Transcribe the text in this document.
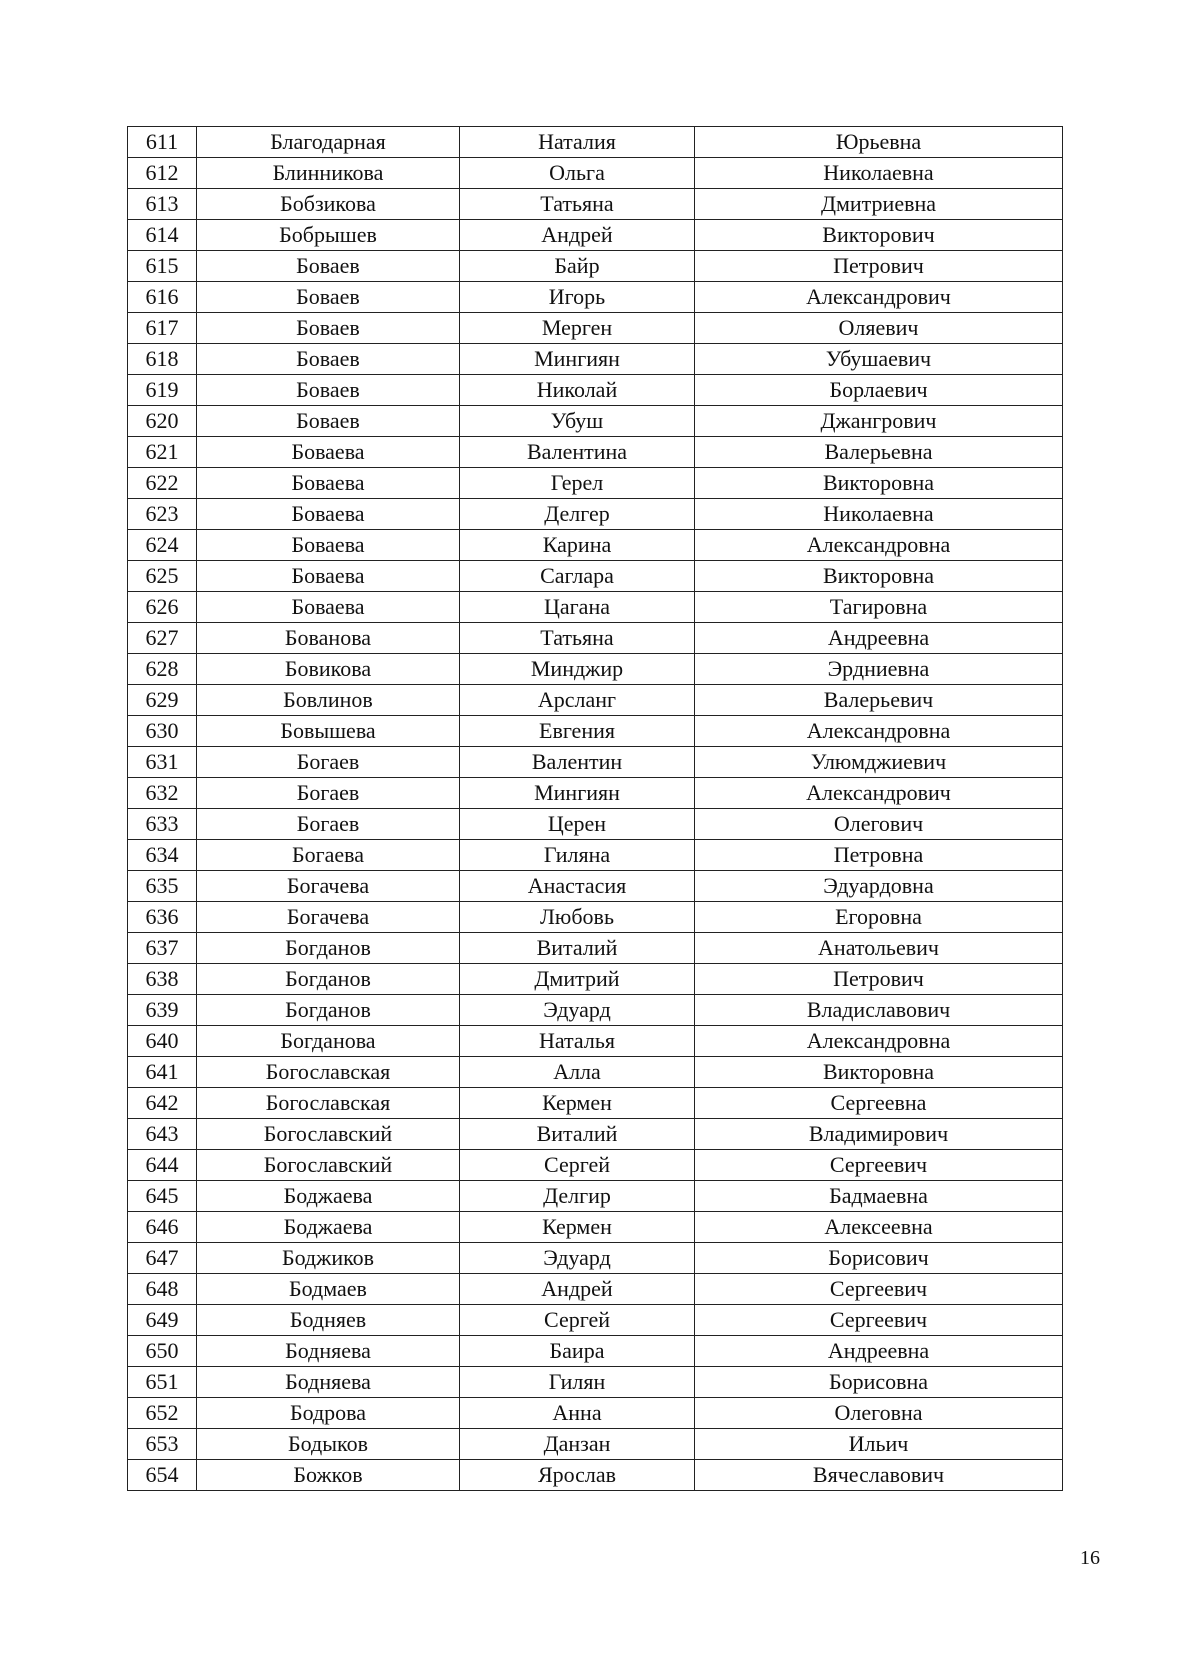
611	Благодарная	Наталия	Юрьевна
612	Блинникова	Ольга	Николаевна
613	Бобзикова	Татьяна	Дмитриевна
614	Бобрышев	Андрей	Викторович
615	Боваев	Байр	Петрович
616	Боваев	Игорь	Александрович
617	Боваев	Мерген	Оляевич
618	Боваев	Мингиян	Убушаевич
619	Боваев	Николай	Борлаевич
620	Боваев	Убуш	Джангрович
621	Боваева	Валентина	Валерьевна
622	Боваева	Герел	Викторовна
623	Боваева	Делгер	Николаевна
624	Боваева	Карина	Александровна
625	Боваева	Саглара	Викторовна
626	Боваева	Цагана	Тагировна
627	Бованова	Татьяна	Андреевна
628	Бовикова	Минджир	Эрдниевна
629	Бовлинов	Арсланг	Валерьевич
630	Бовышева	Евгения	Александровна
631	Богаев	Валентин	Улюмджиевич
632	Богаев	Мингиян	Александрович
633	Богаев	Церен	Олегович
634	Богаева	Гиляна	Петровна
635	Богачева	Анастасия	Эдуардовна
636	Богачева	Любовь	Егоровна
637	Богданов	Виталий	Анатольевич
638	Богданов	Дмитрий	Петрович
639	Богданов	Эдуард	Владиславович
640	Богданова	Наталья	Александровна
641	Богославская	Алла	Викторовна
642	Богославская	Кермен	Сергеевна
643	Богославский	Виталий	Владимирович
644	Богославский	Сергей	Сергеевич
645	Боджаева	Делгир	Бадмаевна
646	Боджаева	Кермен	Алексеевна
647	Боджиков	Эдуард	Борисович
648	Бодмаев	Андрей	Сергеевич
649	Бодняев	Сергей	Сергеевич
650	Бодняева	Баира	Андреевна
651	Бодняева	Гилян	Борисовна
652	Бодрова	Анна	Олеговна
653	Бодыков	Данзан	Ильич
654	Божков	Ярослав	Вячеславович
16
